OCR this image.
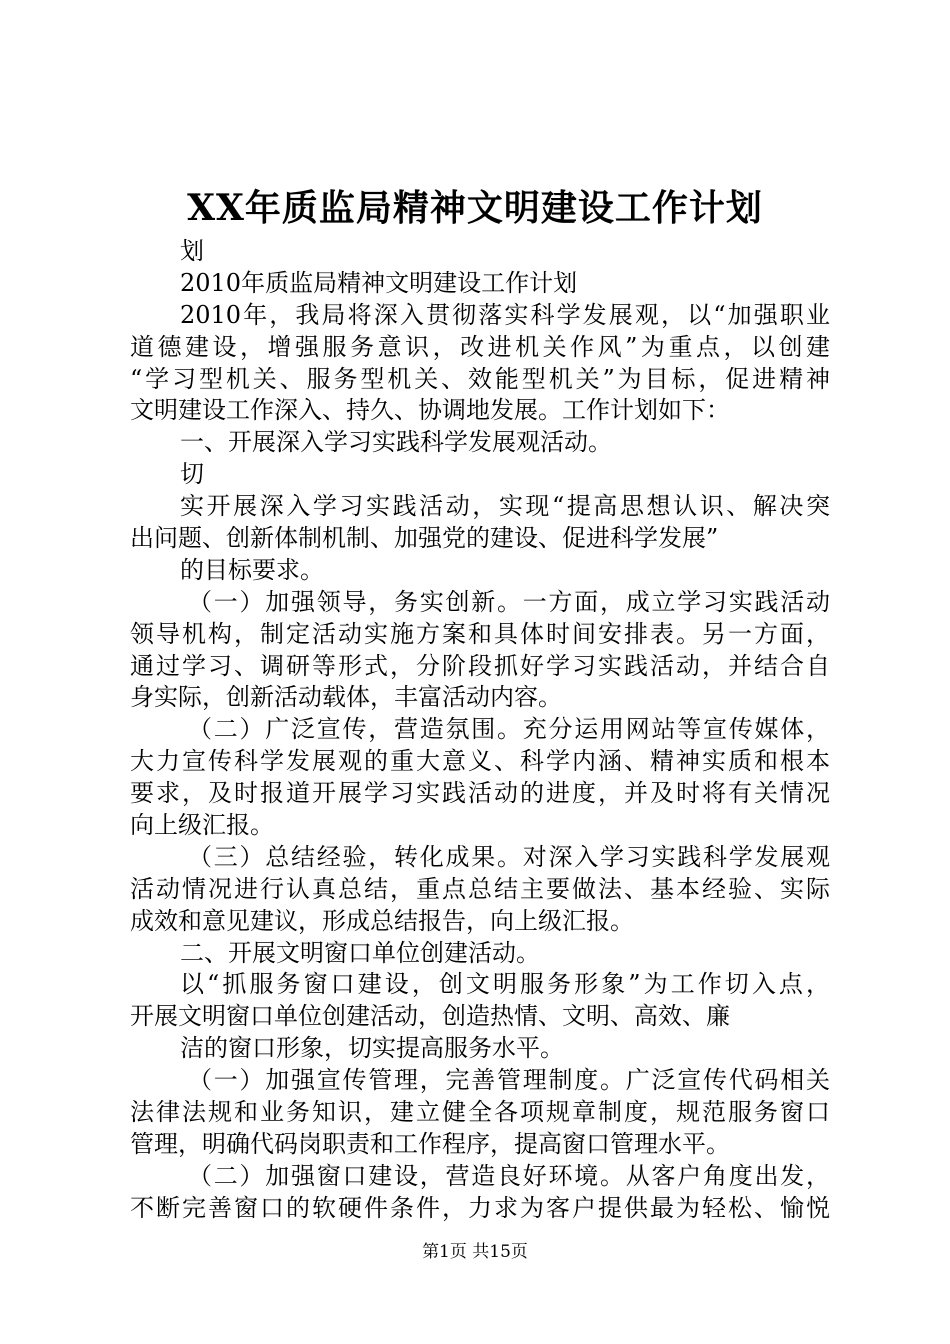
XX年质监局精神文明建设工作计划
划
2010年质监局精神文明建设工作计划
2010年，我局将深入贯彻落实科学发展观，以“加强职业
道德建设，增强服务意识，改进机关作风”为重点，以创建
“学习型机关、服务型机关、效能型机关”为目标，促进精神
文明建设工作深入、持久、协调地发展。工作计划如下：
一、开展深入学习实践科学发展观活动。
切
实开展深入学习实践活动，实现“提高思想认识、解决突
出问题、创新体制机制、加强党的建设、促进科学发展”
的目标要求。
（一）加强领导，务实创新。一方面，成立学习实践活动
领导机构，制定活动实施方案和具体时间安排表。另一方面，
通过学习、调研等形式，分阶段抓好学习实践活动，并结合自
身实际，创新活动载体，丰富活动内容。
（二）广泛宣传，营造氛围。充分运用网站等宣传媒体，
大力宣传科学发展观的重大意义、科学内涵、精神实质和根本
要求，及时报道开展学习实践活动的进度，并及时将有关情况
向上级汇报。
（三）总结经验，转化成果。对深入学习实践科学发展观
活动情况进行认真总结，重点总结主要做法、基本经验、实际
成效和意见建议，形成总结报告，向上级汇报。
二、开展文明窗口单位创建活动。
以“抓服务窗口建设，创文明服务形象”为工作切入点，
开展文明窗口单位创建活动，创造热情、文明、高效、廉
洁的窗口形象，切实提高服务水平。
（一）加强宣传管理，完善管理制度。广泛宣传代码相关
法律法规和业务知识，建立健全各项规章制度，规范服务窗口
管理，明确代码岗职责和工作程序，提高窗口管理水平。
（二）加强窗口建设，营造良好环境。从客户角度出发，
不断完善窗口的软硬件条件，力求为客户提供最为轻松、愉悦
第1页 共15页
